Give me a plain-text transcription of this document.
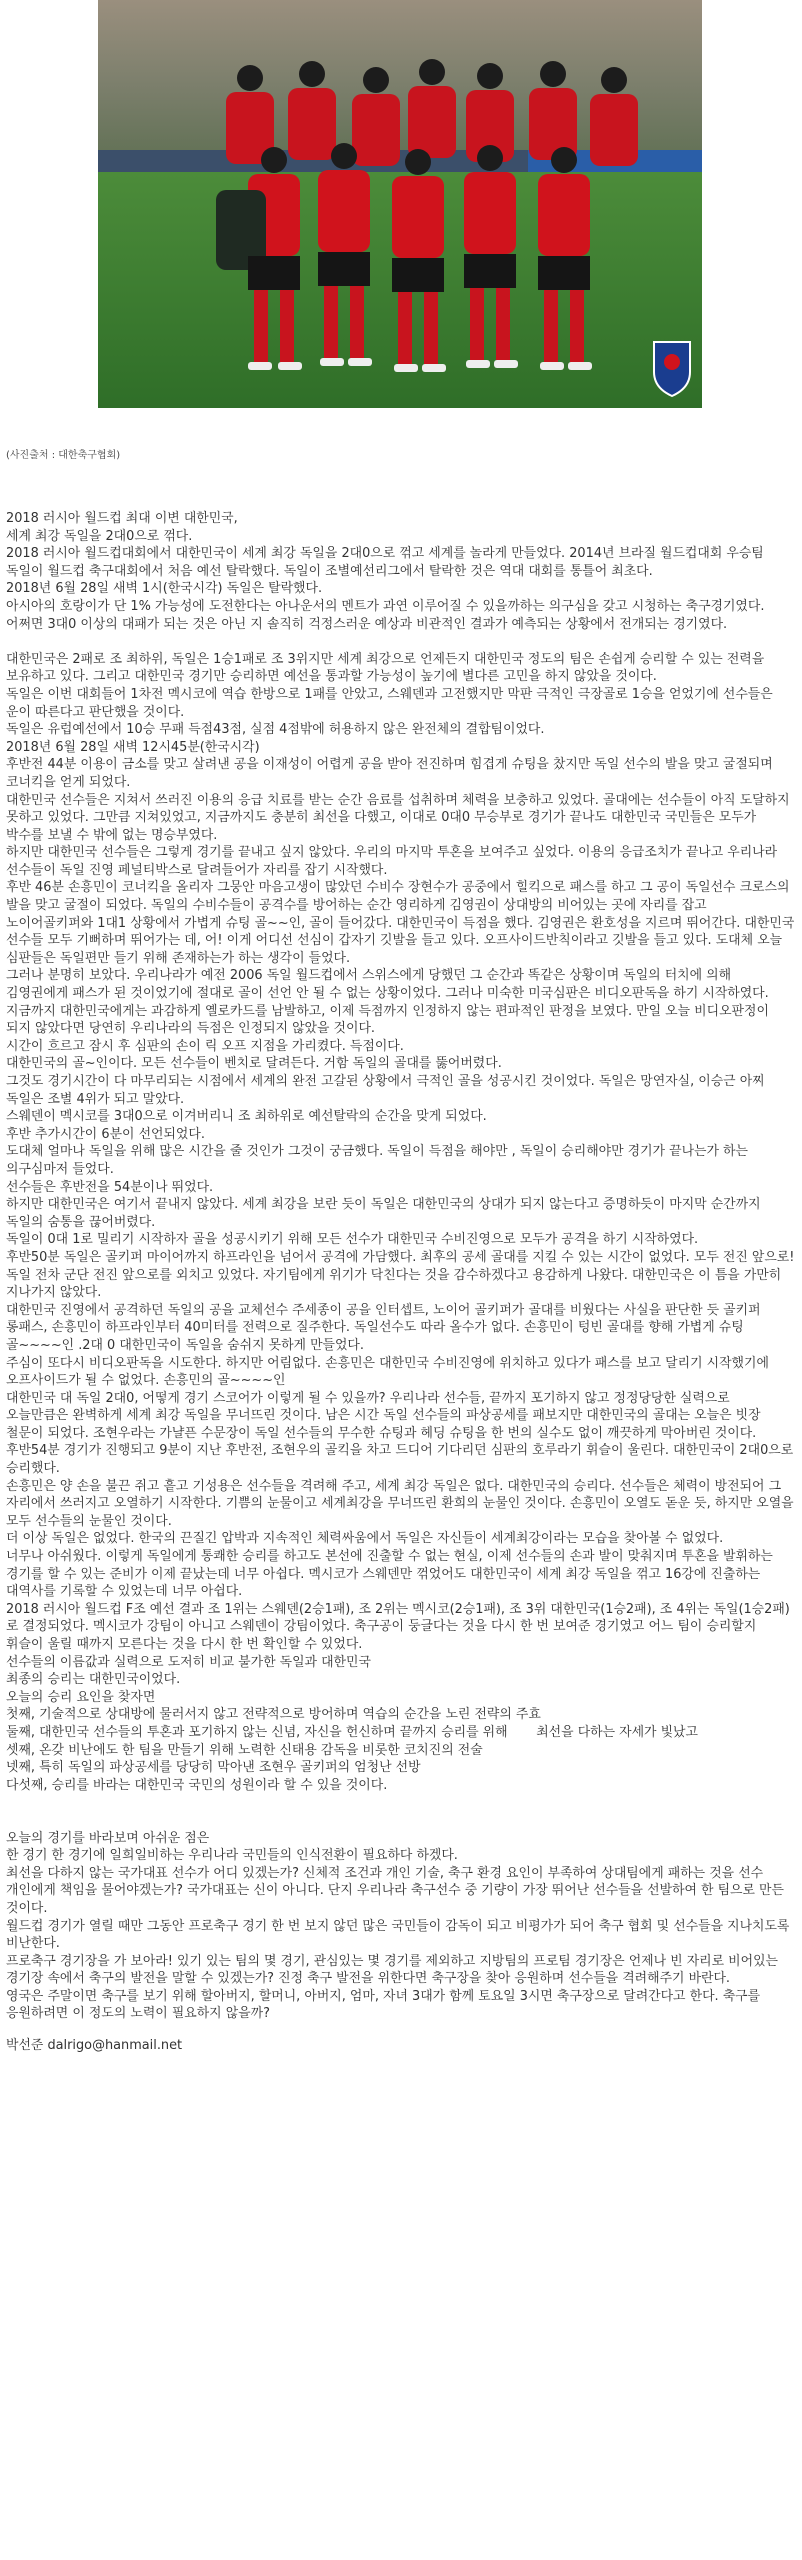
(사진출처 : 대한축구협회)

2018 러시아 월드컵 최대 이변 대한민국,

세계 최강 독일을 2대0으로 꺾다.

2018 러시아 월드컵대회에서 대한민국이 세계 최강 독일을 2대0으로 꺾고 세계를 놀라게 만들었다. 2014년 브라질 월드컵대회 우승팀 독일이 월드컵 축구대회에서 처음 예선 탈락했다. 독일이 조별예선리그에서 탈락한 것은 역대 대회를 통틀어 최초다.

2018년 6월 28일 새벽 1시(한국시각) 독일은 탈락했다.

아시아의 호랑이가 단 1% 가능성에 도전한다는 아나운서의 멘트가 과연 이루어질 수 있을까하는 의구심을 갖고 시청하는 축구경기였다.

어쩌면 3대0 이상의 대패가 되는 것은 아닌 지 솔직히 걱정스러운 예상과 비관적인 결과가 예측되는 상황에서 전개되는 경기였다.

대한민국은 2패로 조 최하위, 독일은 1승1패로 조 3위지만 세계 최강으로 언제든지 대한민국 정도의 팀은 손쉽게 승리할 수 있는 전력을 보유하고 있다. 그리고 대한민국 경기만 승리하면 예선을 통과할 가능성이 높기에 별다른 고민을 하지 않았을 것이다.

독일은 이번 대회들어 1차전 멕시코에 역습 한방으로 1패를 안았고, 스웨덴과 고전했지만 막판 극적인 극장골로 1승을 얻었기에 선수들은 운이 따른다고 판단했을 것이다.

독일은 유럽예선에서 10승 무패 득점43점, 실점 4점밖에 허용하지 않은 완전체의 결합팀이었다.

2018년 6월 28일 새벽 12시45분(한국시각)

후반전 44분 이용이 금소를 맞고 살려낸 공을 이재성이 어렵게 공을 받아 전진하며 힘겹게 슈팅을 찼지만 독일 선수의 발을 맞고 굴절되며 코너킥을 얻게 되었다.

대한민국 선수들은 지쳐서 쓰러진 이용의 응급 치료를 받는 순간 음료를 섭취하며 체력을 보충하고 있었다. 골대에는 선수들이 아직 도달하지 못하고 있었다. 그만큼 지쳐있었고, 지금까지도 충분히 최선을 다했고, 이대로 0대0 무승부로 경기가 끝나도 대한민국 국민들은 모두가 박수를 보낼 수 밖에 없는 명승부였다.

하지만 대한민국 선수들은 그렇게 경기를 끝내고 싶지 않았다. 우리의 마지막 투혼을 보여주고 싶었다. 이용의 응급조치가 끝나고 우리나라 선수들이 독일 진영 페널티박스로 달려들어가 자리를 잡기 시작했다.

후반 46분 손흥민이 코너킥을 올리자 그뭉안 마음고생이 많았던 수비수 장현수가 공중에서 힐킥으로 패스를 하고 그 공이 독일선수 크로스의 발을 맞고 굴절이 되었다. 독일의 수비수들이 공격수를 방어하는 순간 영리하게 김영권이 상대방의 비어있는 곳에 자리를 잡고 노이어골키퍼와 1대1 상황에서 가볍게 슈팅 골~~인, 골이 들어갔다. 대한민국이 득점을 했다. 김영권은 환호성을 지르며 뛰어간다. 대한민국 선수들 모두 기뻐하며 뛰어가는 데, 어! 이게 어디선 선심이 갑자기 깃발을 들고 있다. 오프사이드반칙이라고 깃발을 들고 있다. 도대체 오늘 심판들은 독일편만 들기 위해 존재하는가 하는 생각이 들었다.

그러나 분명히 보았다. 우리나라가 예전 2006 독일 월드컵에서 스위스에게 당했던 그 순간과 똑같은 상황이며 독일의 터치에 의해 김영권에게 패스가 된 것이었기에 절대로 골이 선언 안 될 수 없는 상황이었다. 그러나 미숙한 미국심판은 비디오판독을 하기 시작하였다. 지금까지 대한민국에게는 과감하게 옐로카드를 남발하고, 이제 득점까지 인정하지 않는 편파적인 판정을 보였다. 만일 오늘 비디오판정이 되지 않았다면 당연히 우리나라의 득점은 인정되지 않았을 것이다.

시간이 흐르고 잠시 후 심판의 손이 릭 오프 지점을 가리켰다. 득점이다.

대한민국의 골~인이다. 모든 선수들이 벤치로 달려든다. 거함 독일의 골대를 뚫어버렸다.

그것도 경기시간이 다 마무리되는 시점에서 세계의 완전 고갈된 상황에서 극적인 골을 성공시킨 것이었다. 독일은 망연자실, 이승근 아찌 독일은 조별 4위가 되고 말았다.

스웨덴이 멕시코를 3대0으로 이겨버리니 조 최하위로 예선탈락의 순간을 맞게 되었다.

후반 추가시간이 6분이 선언되었다.

도대체 얼마나 독일을 위해 많은 시간을 줄 것인가 그것이 궁금했다. 독일이 득점을 해야만 , 독일이 승리해야만 경기가 끝나는가 하는 의구심마저 들었다.

선수들은 후반전을 54분이나 뛰었다.

하지만 대한민국은 여기서 끝내지 않았다. 세계 최강을 보란 듯이 독일은 대한민국의 상대가 되지 않는다고 증명하듯이 마지막 순간까지 독일의 숨통을 끊어버렸다.

독일이 0대 1로 밀리기 시작하자 골을 성공시키기 위해 모든 선수가 대한민국 수비진영으로 모두가 공격을 하기 시작하였다.

후반50분 독일은 골키퍼 마이어까지 하프라인을 넘어서 공격에 가담했다. 최후의 공세 골대를 지킬 수 있는 시간이 없었다. 모두 전진 앞으로! 독일 전차 군단 전진 앞으로를 외치고 있었다. 자기팀에게 위기가 닥친다는 것을 감수하겠다고 용감하게 나왔다. 대한민국은 이 틈을 가만히 지나가지 않았다.

대한민국 진영에서 공격하던 독일의 공을 교체선수 주세종이 공을 인터셉트, 노이어 골키퍼가 골대를 비웠다는 사실을 판단한 듯 골키퍼 롱패스, 손흥민이 하프라인부터 40미터를 전력으로 질주한다. 독일선수도 따라 올수가 없다. 손흥민이 텅빈 골대를 향해 가볍게 슈팅

골~~~~인 .2대 0 대한민국이 독일을 숨쉬지 못하게 만들었다.

주심이 또다시 비디오판독을 시도한다. 하지만 어림없다. 손흥민은 대한민국 수비진영에 위치하고 있다가 패스를 보고 달리기 시작했기에 오프사이드가 될 수 없었다. 손흥민의 골~~~~인

대한민국 대 독일 2대0, 어떻게 경기 스코어가 이렇게 될 수 있을까? 우리나라 선수들, 끝까지 포기하지 않고 정정당당한 실력으로 오늘만큼은 완벽하게 세계 최강 독일을 무너뜨린 것이다. 남은 시간 독일 선수들의 파상공세를 패보지만 대한민국의 골대는 오늘은 빗장 철문이 되었다. 조현우라는 가냘픈 수문장이 독일 선수들의 무수한 슈팅과 헤딩 슈팅을 한 번의 실수도 없이 깨끗하게 막아버린 것이다.

후반54분 경기가 진행되고 9분이 지난 후반전, 조현우의 골킥을 차고 드디어 기다리던 심판의 호루라기 휘슬이 울린다. 대한민국이 2대0으로 승리했다.

손흥민은 양 손을 불끈 쥐고 흩고 기성용은 선수들을 격려해 주고, 세계 최강 독일은 없다. 대한민국의 승리다. 선수들은 체력이 방전되어 그 자리에서 쓰러지고 오열하기 시작한다. 기쁨의 눈물이고 세계최강을 무너뜨린 환희의 눈물인 것이다. 손흥민이 오열도 돋운 듯, 하지만 오열을 모두 선수들의 눈물인 것이다.

더 이상 독일은 없었다. 한국의 끈질긴 압박과 지속적인 체력싸움에서 독일은 자신들이 세계최강이라는 모습을 찾아볼 수 없었다.

너무나 아쉬웠다. 이렇게 독일에게 통쾌한 승리를 하고도 본선에 진출할 수 없는 현실, 이제 선수들의 손과 발이 맞춰지며 투혼을 발휘하는 경기를 할 수 있는 준비가 이제 끝났는데 너무 아쉽다. 멕시코가 스웨덴만 꺾었어도 대한민국이 세계 최강 독일을 꺾고 16강에 진출하는 대역사를 기록할 수 있었는데 너무 아쉽다.

2018 러시아 월드컵 F조 예선 결과 조 1위는 스웨덴(2승1패), 조 2위는 멕시코(2승1패), 조 3위 대한민국(1승2패), 조 4위는 독일(1승2패)로 결정되었다. 멕시코가 강팀이 아니고 스웨덴이 강팀이었다. 축구공이 둥글다는 것을 다시 한 번 보여준 경기였고 어느 팀이 승리할지 휘슬이 울릴 때까지 모른다는 것을 다시 한 번 확인할 수 있었다.

선수들의 이름값과 실력으로 도저히 비교 불가한 독일과 대한민국

최종의 승리는 대한민국이었다.

오늘의 승리 요인을 찾자면

첫째, 기술적으로 상대방에 물러서지 않고 전략적으로 방어하며 역습의 순간을 노린 전략의 주효

둘째, 대한민국 선수들의 투혼과 포기하지 않는 신념, 자신을 헌신하며 끝까지 승리를 위해       최선을 다하는 자세가 빛났고

셋째, 온갖 비난에도 한 팀을 만들기 위해 노력한 신태용 감독을 비롯한 코치진의 전술

넷째, 특히 독일의 파상공세를 당당히 막아낸 조현우 골키퍼의 엄청난 선방

다섯째, 승리를 바라는 대한민국 국민의 성원이라 할 수 있을 것이다.

오늘의 경기를 바라보며 아쉬운 점은

한 경기 한 경기에 일희일비하는 우리나라 국민들의 인식전환이 필요하다 하겠다.

최선을 다하지 않는 국가대표 선수가 어디 있겠는가? 신체적 조건과 개인 기술, 축구 환경 요인이 부족하여 상대팀에게 패하는 것을 선수 개인에게 책임을 물어야겠는가? 국가대표는 신이 아니다. 단지 우리나라 축구선수 중 기량이 가장 뛰어난 선수들을 선발하여 한 팀으로 만든 것이다.

월드컵 경기가 열릴 때만 그동안 프로축구 경기 한 번 보지 않던 많은 국민들이 감독이 되고 비평가가 되어 축구 협회 및 선수들을 지나치도록 비난한다.

프로축구 경기장을 가 보아라! 있기 있는 팀의 몇 경기, 관심있는 몇 경기를 제외하고 지방팀의 프로팀 경기장은 언제나 빈 자리로 비어있는 경기장 속에서 축구의 발전을 말할 수 있겠는가? 진정 축구 발전을 위한다면 축구장을 찾아 응원하며 선수들을 격려해주기 바란다.

영국은 주말이면 축구를 보기 위해 할아버지, 할머니, 아버지, 엄마, 자녀 3대가 함께 토요일 3시면 축구장으로 달려간다고 한다. 축구를 응원하려면 이 정도의 노력이 필요하지 않을까?

박선준 dalrigo@hanmail.net
